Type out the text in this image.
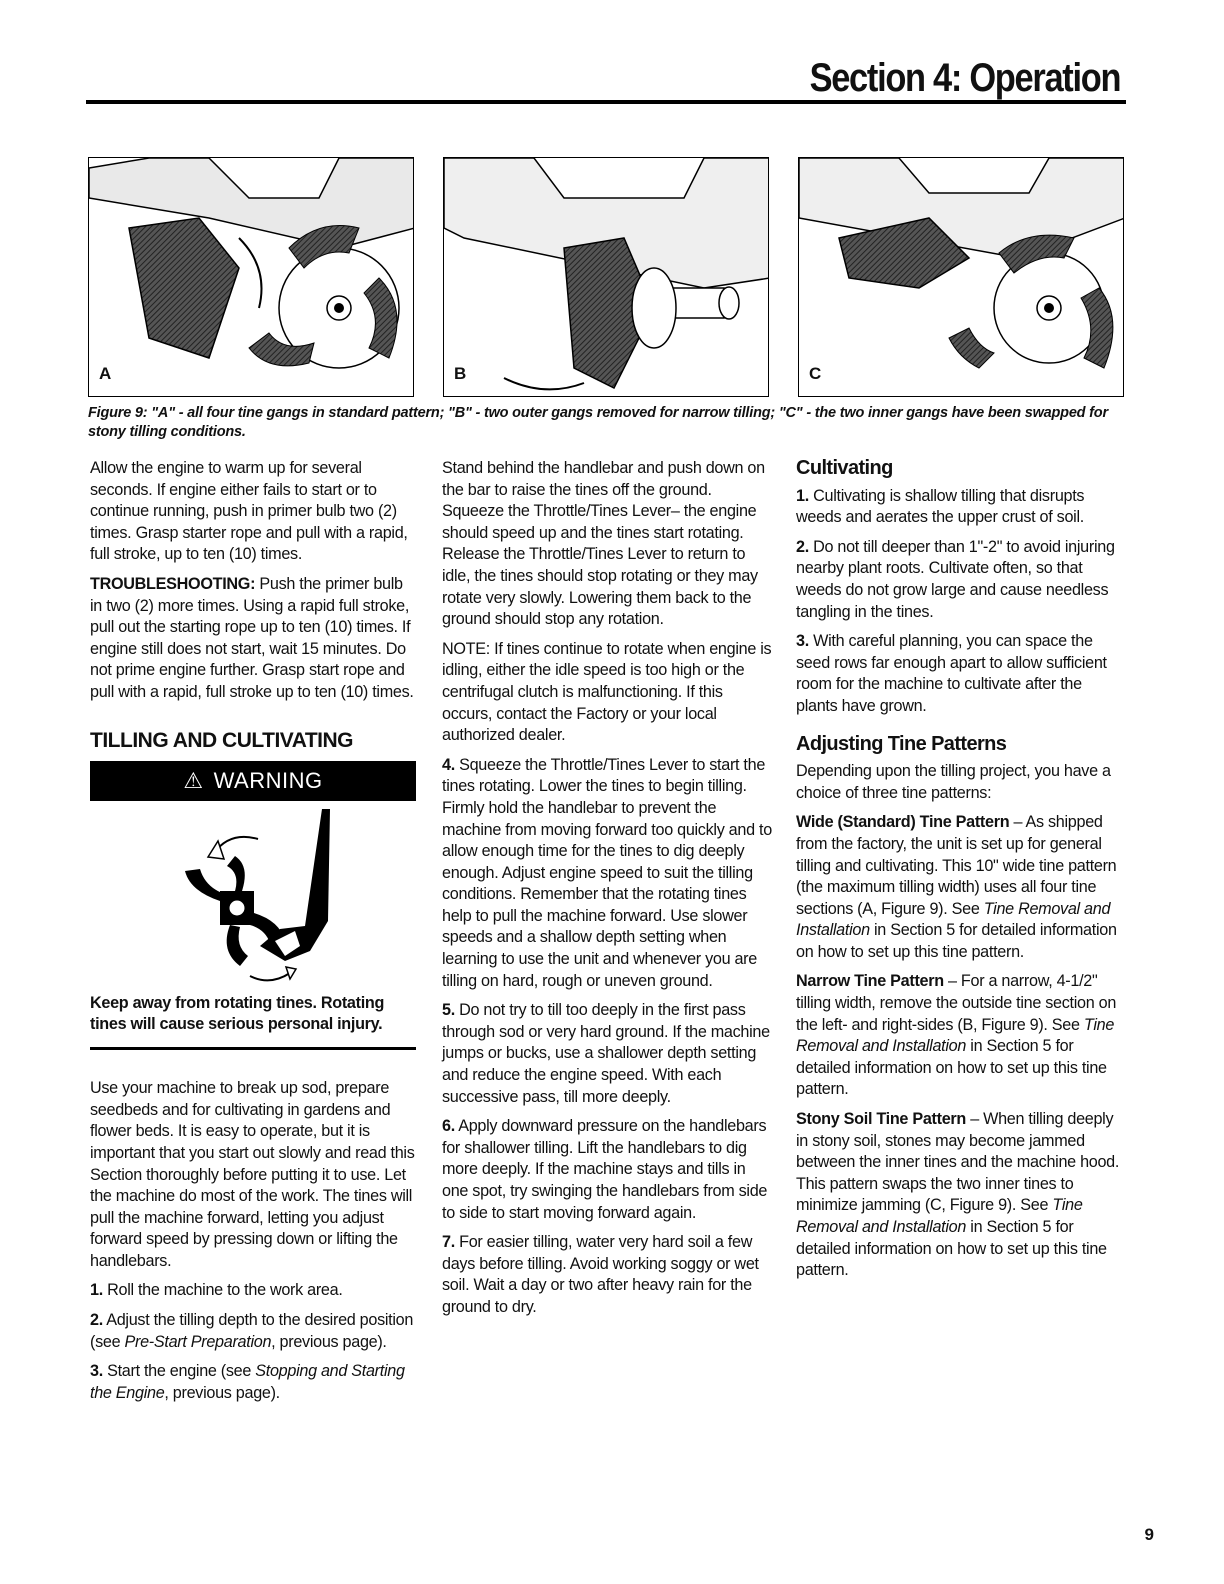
Section 4: Operation
A	B	C
Figure 9: "A" - all four tine gangs in standard pattern; "B" - two outer gangs removed for narrow tilling; "C" - the two inner gangs have been swapped for stony tilling conditions.

Allow the engine to warm up for several seconds. If engine either fails to start or to continue running, push in primer bulb two (2) times. Grasp starter rope and pull with a rapid, full stroke, up to ten (10) times.

TROUBLESHOOTING: Push the primer bulb in two (2) more times. Using a rapid full stroke, pull out the starting rope up to ten (10) times. If engine still does not start, wait 15 minutes. Do not prime engine further. Grasp start rope and pull with a rapid, full stroke up to ten (10) times.

TILLING AND CULTIVATING
⚠ WARNING
Keep away from rotating tines. Rotating tines will cause serious personal injury.

Use your machine to break up sod, prepare seedbeds and for cultivating in gardens and flower beds. It is easy to operate, but it is important that you start out slowly and read this Section thoroughly before putting it to use. Let the machine do most of the work. The tines will pull the machine forward, letting you adjust forward speed by pressing down or lifting the handlebars.

1. Roll the machine to the work area.

2. Adjust the tilling depth to the desired position (see Pre-Start Preparation, previous page).

3. Start the engine (see Stopping and Starting the Engine, previous page).

Stand behind the handlebar and push down on the bar to raise the tines off the ground. Squeeze the Throttle/Tines Lever– the engine should speed up and the tines start rotating. Release the Throttle/Tines Lever to return to idle, the tines should stop rotating or they may rotate very slowly. Lowering them back to the ground should stop any rotation.

NOTE: If tines continue to rotate when engine is idling, either the idle speed is too high or the centrifugal clutch is malfunctioning. If this occurs, contact the Factory or your local authorized dealer.

4. Squeeze the Throttle/Tines Lever to start the tines rotating. Lower the tines to begin tilling. Firmly hold the handlebar to prevent the machine from moving forward too quickly and to allow enough time for the tines to dig deeply enough. Adjust engine speed to suit the tilling conditions. Remember that the rotating tines help to pull the machine forward. Use slower speeds and a shallow depth setting when learning to use the unit and whenever you are tilling on hard, rough or uneven ground.

5. Do not try to till too deeply in the first pass through sod or very hard ground. If the machine jumps or bucks, use a shallower depth setting and reduce the engine speed. With each successive pass, till more deeply.

6. Apply downward pressure on the handlebars for shallower tilling. Lift the handlebars to dig more deeply. If the machine stays and tills in one spot, try swinging the handlebars from side to side to start moving forward again.

7. For easier tilling, water very hard soil a few days before tilling. Avoid working soggy or wet soil. Wait a day or two after heavy rain for the ground to dry.

Cultivating

1. Cultivating is shallow tilling that disrupts weeds and aerates the upper crust of soil.

2. Do not till deeper than 1"-2" to avoid injuring nearby plant roots. Cultivate often, so that weeds do not grow large and cause needless tangling in the tines.

3. With careful planning, you can space the seed rows far enough apart to allow sufficient room for the machine to cultivate after the plants have grown.

Adjusting Tine Patterns

Depending upon the tilling project, you have a choice of three tine patterns:

Wide (Standard) Tine Pattern – As shipped from the factory, the unit is set up for general tilling and cultivating. This 10" wide tine pattern (the maximum tilling width) uses all four tine sections (A, Figure 9). See Tine Removal and Installation in Section 5 for detailed information on how to set up this tine pattern.

Narrow Tine Pattern – For a narrow, 4-1/2" tilling width, remove the outside tine section on the left- and right-sides (B, Figure 9). See Tine Removal and Installation in Section 5 for detailed information on how to set up this tine pattern.

Stony Soil Tine Pattern – When tilling deeply in stony soil, stones may become jammed between the inner tines and the machine hood. This pattern swaps the two inner tines to minimize jamming (C, Figure 9). See Tine Removal and Installation in Section 5 for detailed information on how to set up this tine pattern.

9
